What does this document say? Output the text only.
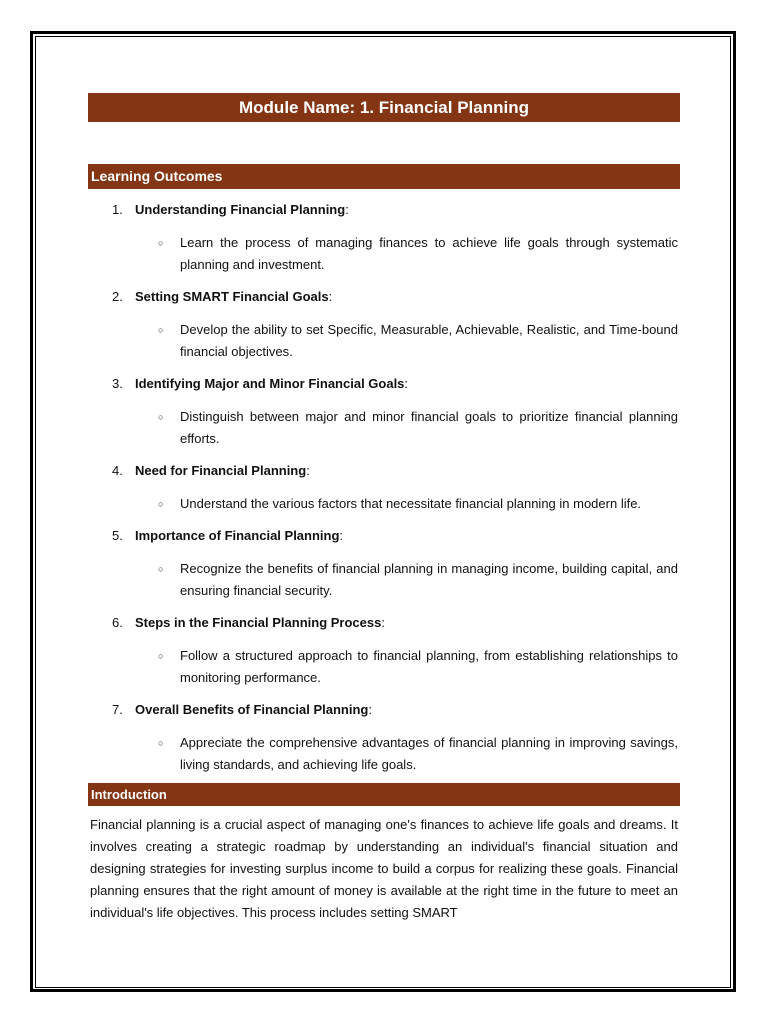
Module Name: 1. Financial Planning
Learning Outcomes
1. Understanding Financial Planning:
○ Learn the process of managing finances to achieve life goals through systematic planning and investment.
2. Setting SMART Financial Goals:
○ Develop the ability to set Specific, Measurable, Achievable, Realistic, and Time-bound financial objectives.
3. Identifying Major and Minor Financial Goals:
○ Distinguish between major and minor financial goals to prioritize financial planning efforts.
4. Need for Financial Planning:
○ Understand the various factors that necessitate financial planning in modern life.
5. Importance of Financial Planning:
○ Recognize the benefits of financial planning in managing income, building capital, and ensuring financial security.
6. Steps in the Financial Planning Process:
○ Follow a structured approach to financial planning, from establishing relationships to monitoring performance.
7. Overall Benefits of Financial Planning:
○ Appreciate the comprehensive advantages of financial planning in improving savings, living standards, and achieving life goals.
Introduction

Financial planning is a crucial aspect of managing one's finances to achieve life goals and dreams. It involves creating a strategic roadmap by understanding an individual's financial situation and designing strategies for investing surplus income to build a corpus for realizing these goals. Financial planning ensures that the right amount of money is available at the right time in the future to meet an individual's life objectives. This process includes setting SMART
